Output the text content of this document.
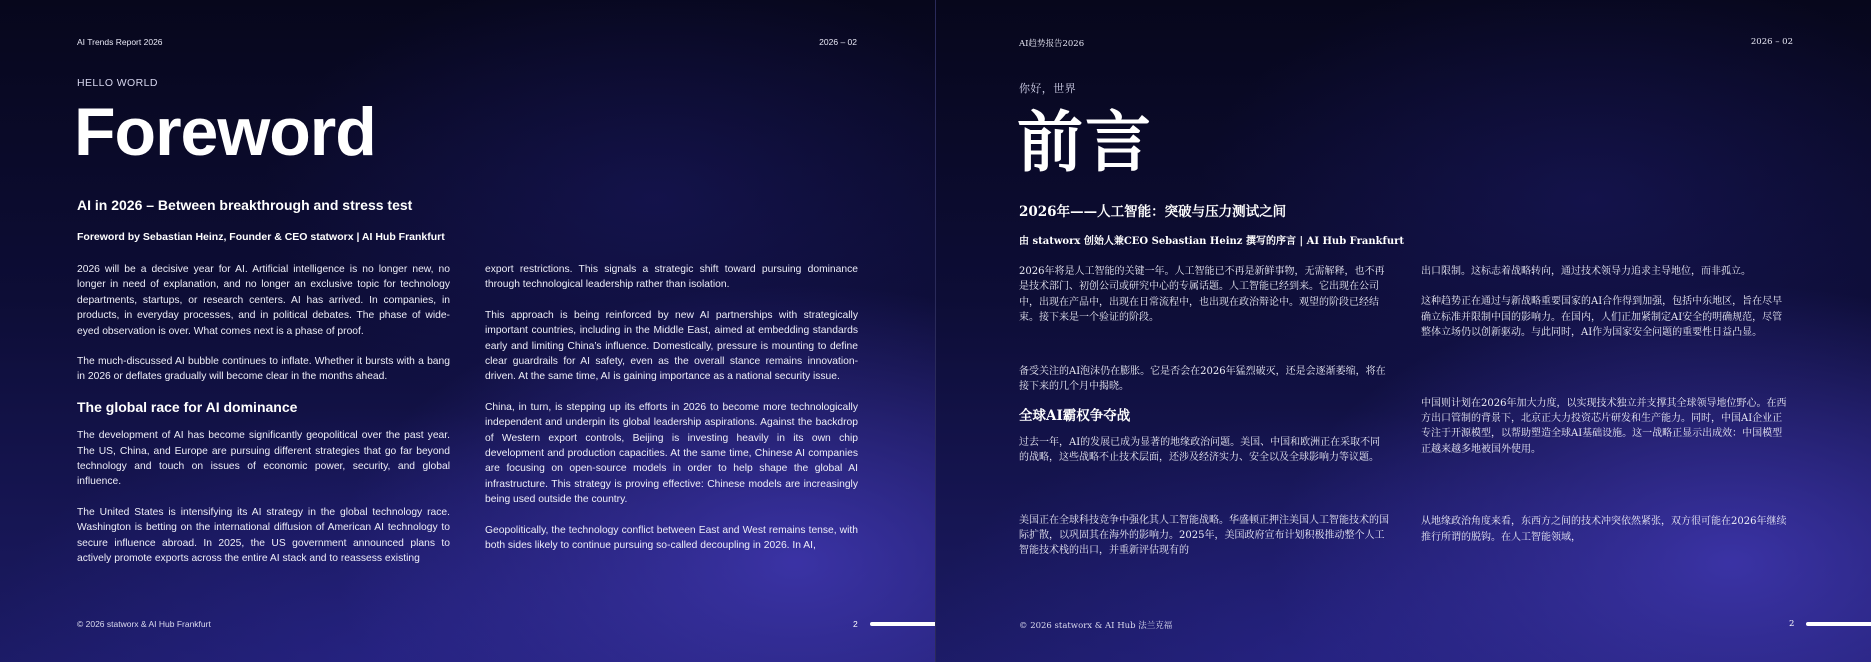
AI Trends Report 2026	2026 – 02
HELLO WORLD
Foreword
AI in 2026 – Between breakthrough and stress test
Foreword by Sebastian Heinz, Founder & CEO statworx | AI Hub Frankfurt

2026 will be a decisive year for AI. Artificial intelligence is no longer new, no longer in need of explanation, and no longer an exclusive topic for technology departments, startups, or research centers. AI has arrived. In companies, in products, in everyday processes, and in political debates. The phase of wide-eyed observation is over. What comes next is a phase of proof.

The much-discussed AI bubble continues to inflate. Whether it bursts with a bang in 2026 or deflates gradually will become clear in the months ahead.

The global race for AI dominance

The development of AI has become significantly geopolitical over the past year. The US, China, and Europe are pursuing different strategies that go far beyond technology and touch on issues of economic power, security, and global influence.

The United States is intensifying its AI strategy in the global technology race. Washington is betting on the international diffusion of American AI technology to secure influence abroad. In 2025, the US government announced plans to actively promote exports across the entire AI stack and to reassess existing

export restrictions. This signals a strategic shift toward pursuing dominance through technological leadership rather than isolation.

This approach is being reinforced by new AI partnerships with strategically important countries, including in the Middle East, aimed at embedding standards early and limiting China’s influence. Domestically, pressure is mounting to define clear guardrails for AI safety, even as the overall stance remains innovation-driven. At the same time, AI is gaining importance as a national security issue.

China, in turn, is stepping up its efforts in 2026 to become more technologically independent and underpin its global leadership aspirations. Against the backdrop of Western export controls, Beijing is investing heavily in its own chip development and production capacities. At the same time, Chinese AI companies are focusing on open-source models in order to help shape the global AI infrastructure. This strategy is proving effective: Chinese models are increasingly being used outside the country.

Geopolitically, the technology conflict between East and West remains tense, with both sides likely to continue pursuing so-called decoupling in 2026. In AI,

© 2026 statworx & AI Hub Frankfurt	2
AI趋势报告2026	2026 – 02
你好，世界
前言
2026年——人工智能：突破与压力测试之间
由 statworx 创始人兼CEO Sebastian Heinz 撰写的序言 | AI Hub Frankfurt

2026年将是人工智能的关键一年。人工智能已不再是新鲜事物，无需解释，也不再是技术部门、初创公司或研究中心的专属话题。人工智能已经到来。它出现在公司中，出现在产品中，出现在日常流程中，也出现在政治辩论中。观望的阶段已经结束。接下来是一个验证的阶段。

备受关注的AI泡沫仍在膨胀。它是否会在2026年猛烈破灭，还是会逐渐萎缩，将在接下来的几个月中揭晓。

全球AI霸权争夺战

过去一年，AI的发展已成为显著的地缘政治问题。美国、中国和欧洲正在采取不同的战略，这些战略不止技术层面，还涉及经济实力、安全以及全球影响力等议题。

美国正在全球科技竞争中强化其人工智能战略。华盛顿正押注美国人工智能技术的国际扩散，以巩固其在海外的影响力。2025年，美国政府宣布计划积极推动整个人工智能技术栈的出口，并重新评估现有的

出口限制。这标志着战略转向，通过技术领导力追求主导地位，而非孤立。

这种趋势正在通过与新战略重要国家的AI合作得到加强，包括中东地区，旨在尽早确立标准并限制中国的影响力。在国内，人们正加紧制定AI安全的明确规范，尽管整体立场仍以创新驱动。与此同时，AI作为国家安全问题的重要性日益凸显。

中国则计划在2026年加大力度，以实现技术独立并支撑其全球领导地位野心。在西方出口管制的背景下，北京正大力投资芯片研发和生产能力。同时，中国AI企业正专注于开源模型，以帮助塑造全球AI基础设施。这一战略正显示出成效：中国模型正越来越多地被国外使用。

从地缘政治角度来看，东西方之间的技术冲突依然紧张，双方很可能在2026年继续推行所谓的脱钩。在人工智能领域，

© 2026 statworx & AI Hub 法兰克福	2
